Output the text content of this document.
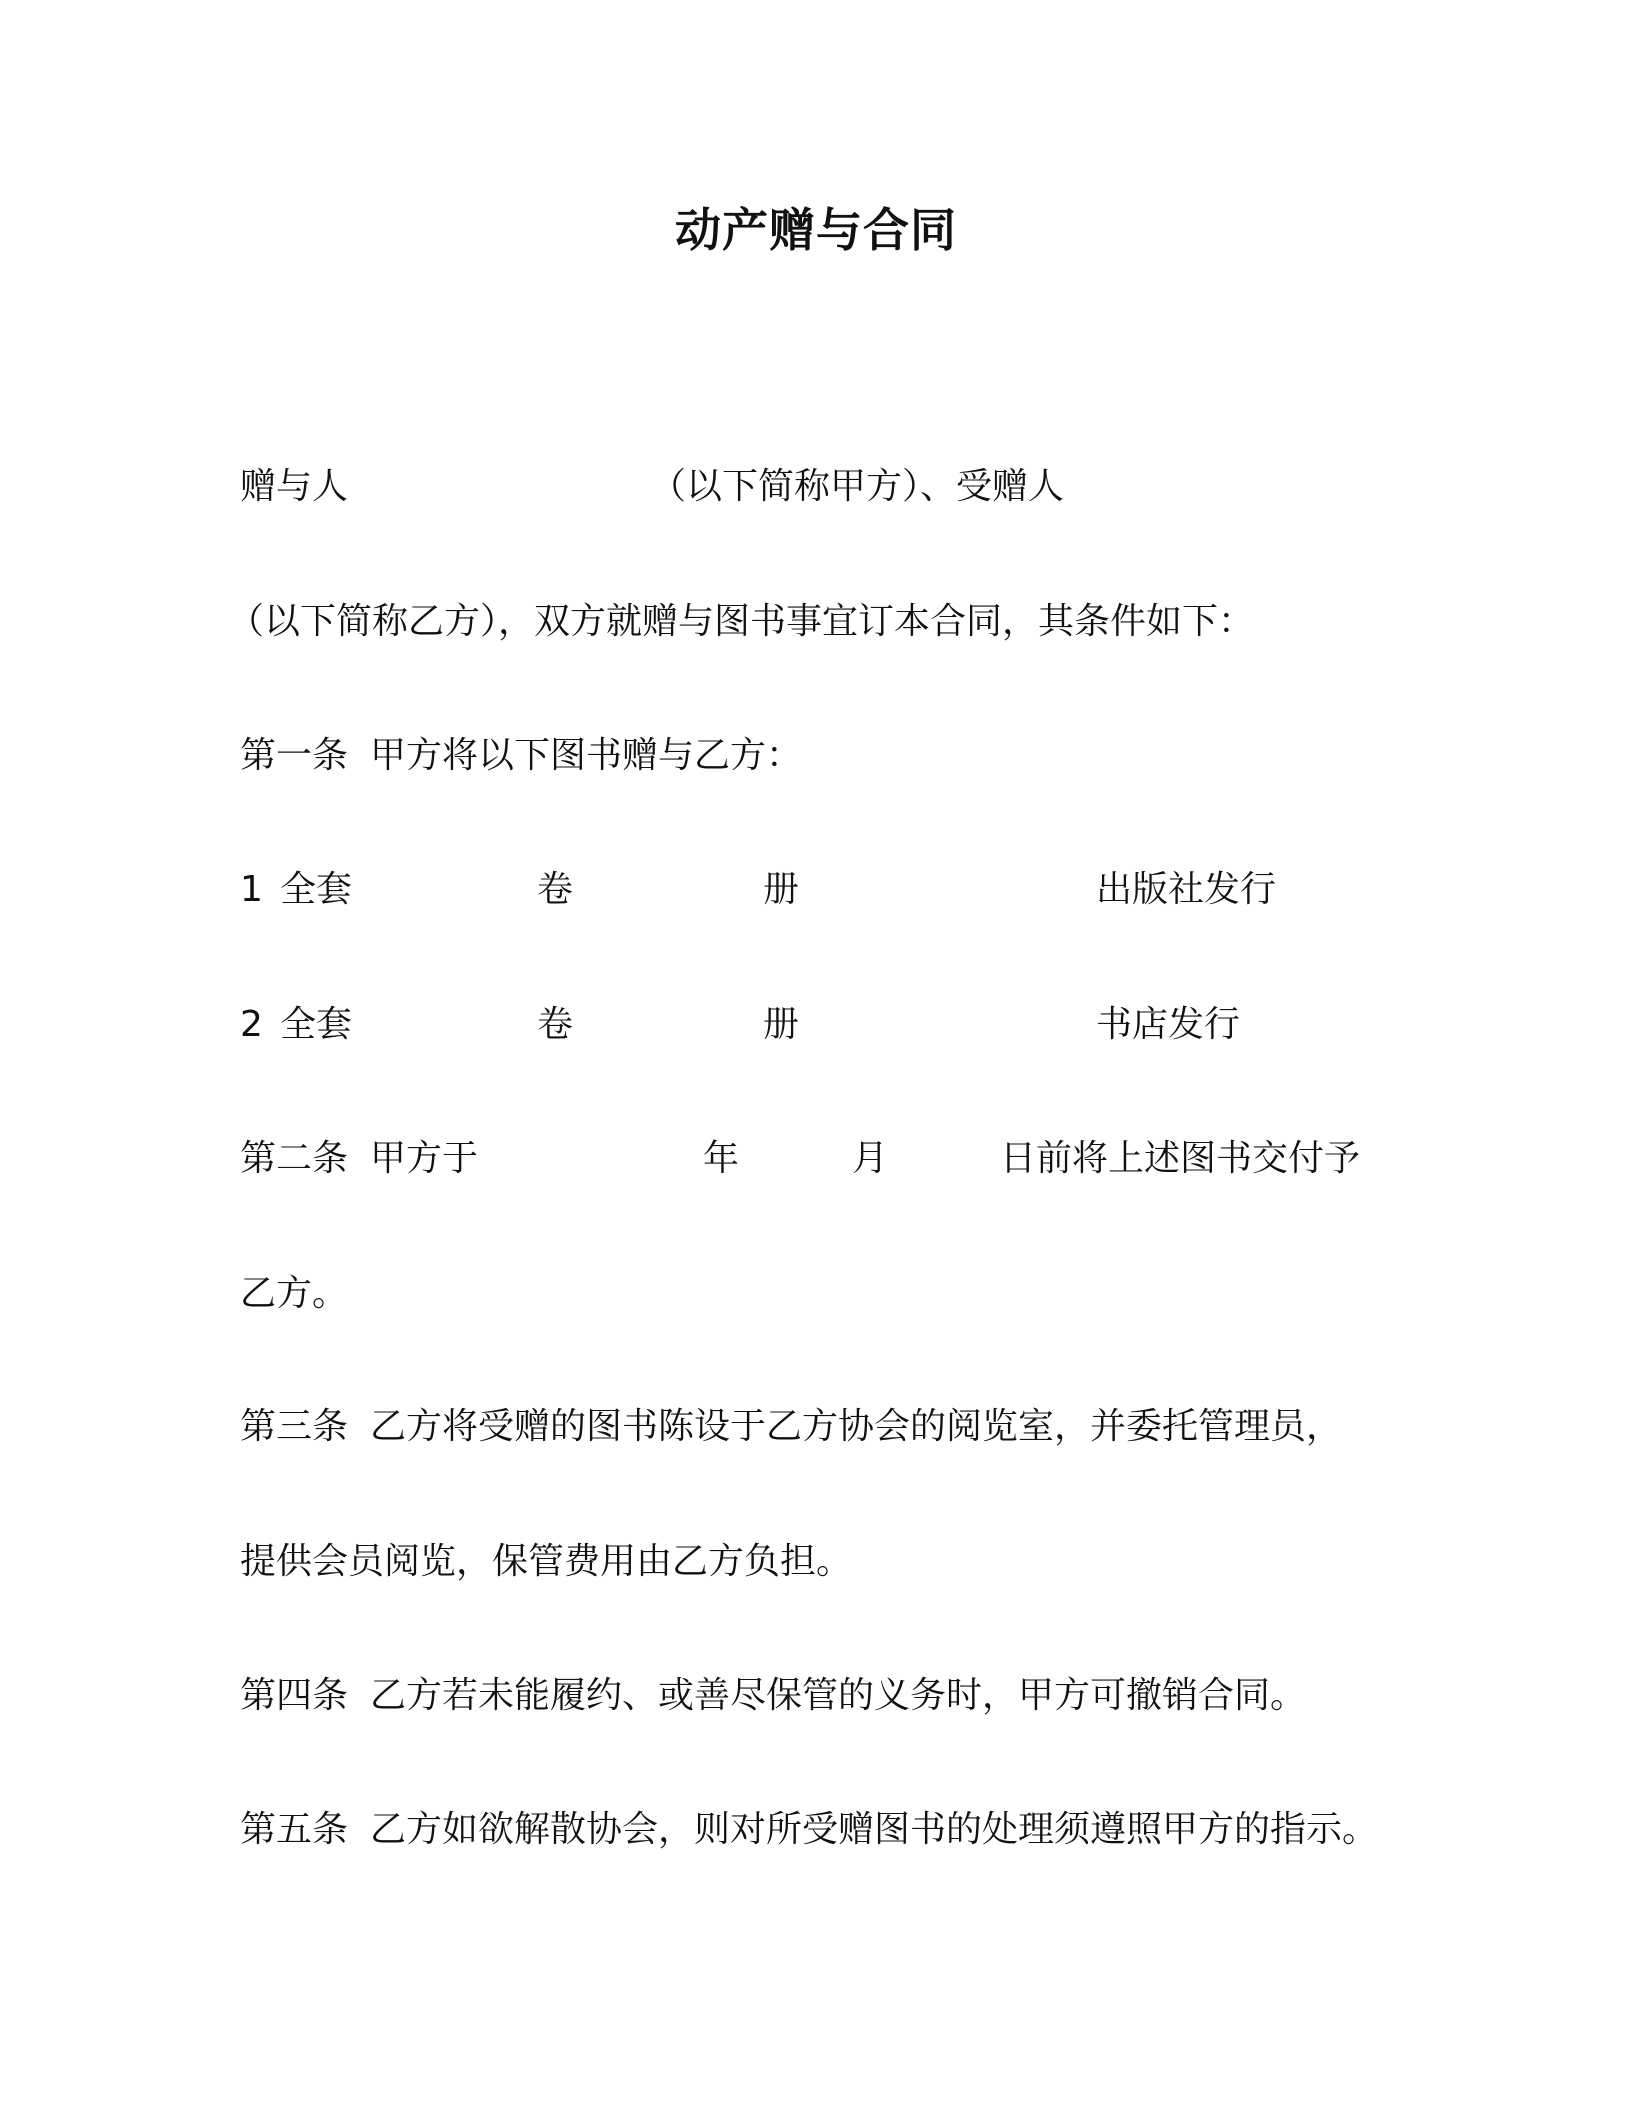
动产赠与合同
赠与人	（以下简称甲方）、受赠人
（以下简称乙方），双方就赠与图书事宜订本合同，其条件如下：
第一条 甲方将以下图书赠与乙方：
1 全套	卷	册	出版社发行
2 全套	卷	册	书店发行
第二条 甲方于	年	月	日前将上述图书交付予
乙方。
第三条 乙方将受赠的图书陈设于乙方协会的阅览室，并委托管理员，
提供会员阅览，保管费用由乙方负担。
第四条 乙方若未能履约、或善尽保管的义务时，甲方可撤销合同。
第五条 乙方如欲解散协会，则对所受赠图书的处理须遵照甲方的指示。
